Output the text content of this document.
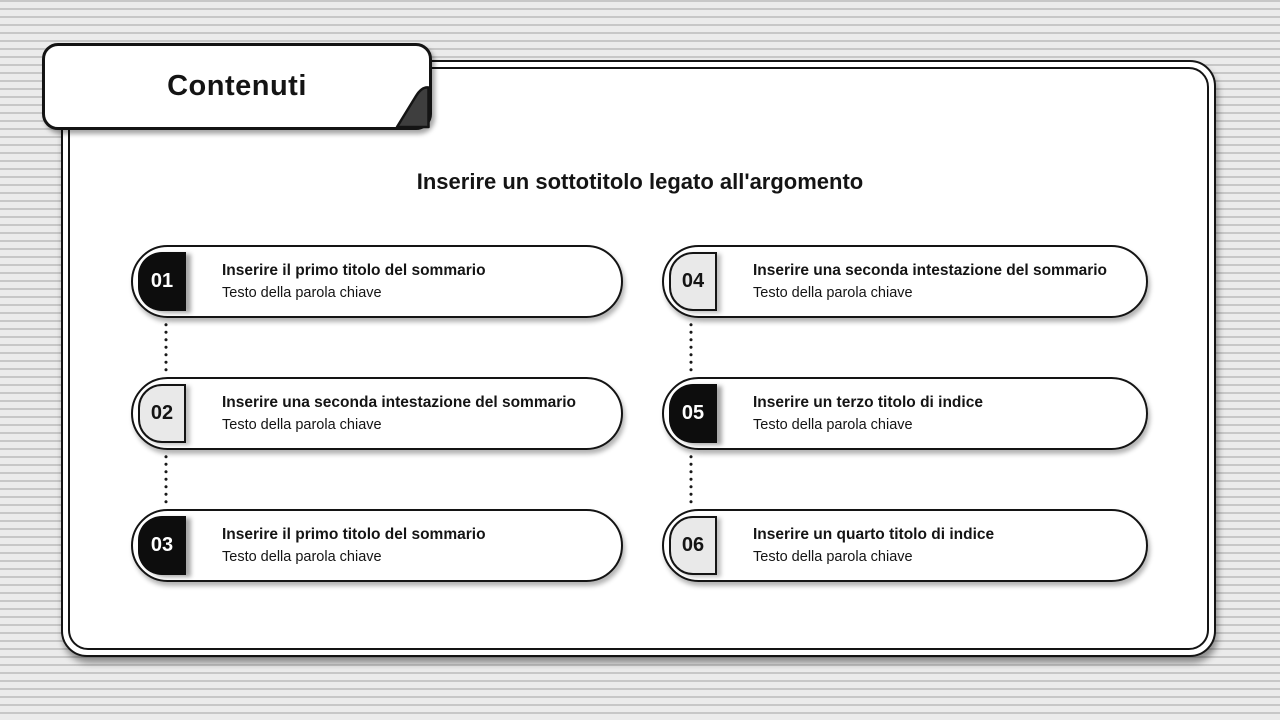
Contenuti
Inserire un sottotitolo legato all'argomento
01	Inserire il primo titolo del sommario
Testo della parola chiave
02	Inserire una seconda intestazione del sommario
Testo della parola chiave
03	Inserire il primo titolo del sommario
Testo della parola chiave
04	Inserire una seconda intestazione del sommario
Testo della parola chiave
05	Inserire un terzo titolo di indice
Testo della parola chiave
06	Inserire un quarto titolo di indice
Testo della parola chiave
